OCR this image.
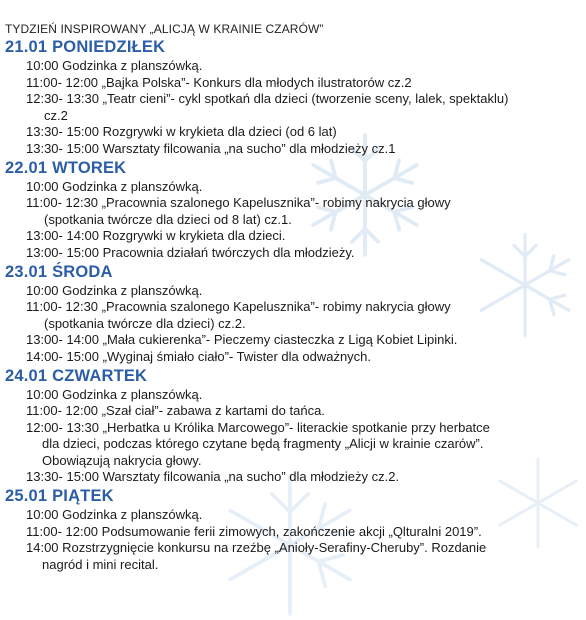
TYDZIEŃ INSPIROWANY „ALICJĄ W KRAINIE CZARÓW”
21.01 PONIEDZIŁEK
10:00 Godzinka z planszówką.
11:00- 12:00 „Bajka Polska”- Konkurs dla młodych ilustratorów cz.2
12:30- 13:30 „Teatr cieni”- cykl spotkań dla dzieci (tworzenie sceny, lalek, spektaklu)
cz.2
13:30- 15:00 Rozgrywki w krykieta dla dzieci (od 6 lat)
13:30- 15:00 Warsztaty filcowania „na sucho” dla młodzieży cz.1
22.01 WTOREK
10:00 Godzinka z planszówką.
11:00- 12:30 „Pracownia szalonego Kapelusznika”- robimy nakrycia głowy
(spotkania twórcze dla dzieci od 8 lat) cz.1.
13:00- 14:00 Rozgrywki w krykieta dla dzieci.
13:00- 15:00 Pracownia działań twórczych dla młodzieży.
23.01 ŚRODA
10:00 Godzinka z planszówką.
11:00- 12:30 „Pracownia szalonego Kapelusznika”- robimy nakrycia głowy
(spotkania twórcze dla dzieci) cz.2.
13:00- 14:00 „Mała cukierenka”- Pieczemy ciasteczka z Ligą Kobiet Lipinki.
14:00- 15:00 „Wyginaj śmiało ciało”- Twister dla odważnych.
24.01 CZWARTEK
10:00 Godzinka z planszówką.
11:00- 12:00 „Szał ciał”- zabawa z kartami do tańca.
12:00- 13:30 „Herbatka u Królika Marcowego”- literackie spotkanie przy herbatce
dla dzieci, podczas którego czytane będą fragmenty „Alicji w krainie czarów”.
Obowiązują nakrycia głowy.
13:30- 15:00 Warsztaty filcowania „na sucho” dla młodzieży cz.2.
25.01 PIĄTEK
10:00 Godzinka z planszówką.
11:00- 12:00 Podsumowanie ferii zimowych, zakończenie akcji „Qlturalni 2019”.
14:00 Rozstrzygnięcie konkursu na rzeźbę „Anioły-Serafiny-Cheruby”. Rozdanie
nagród i mini recital.
